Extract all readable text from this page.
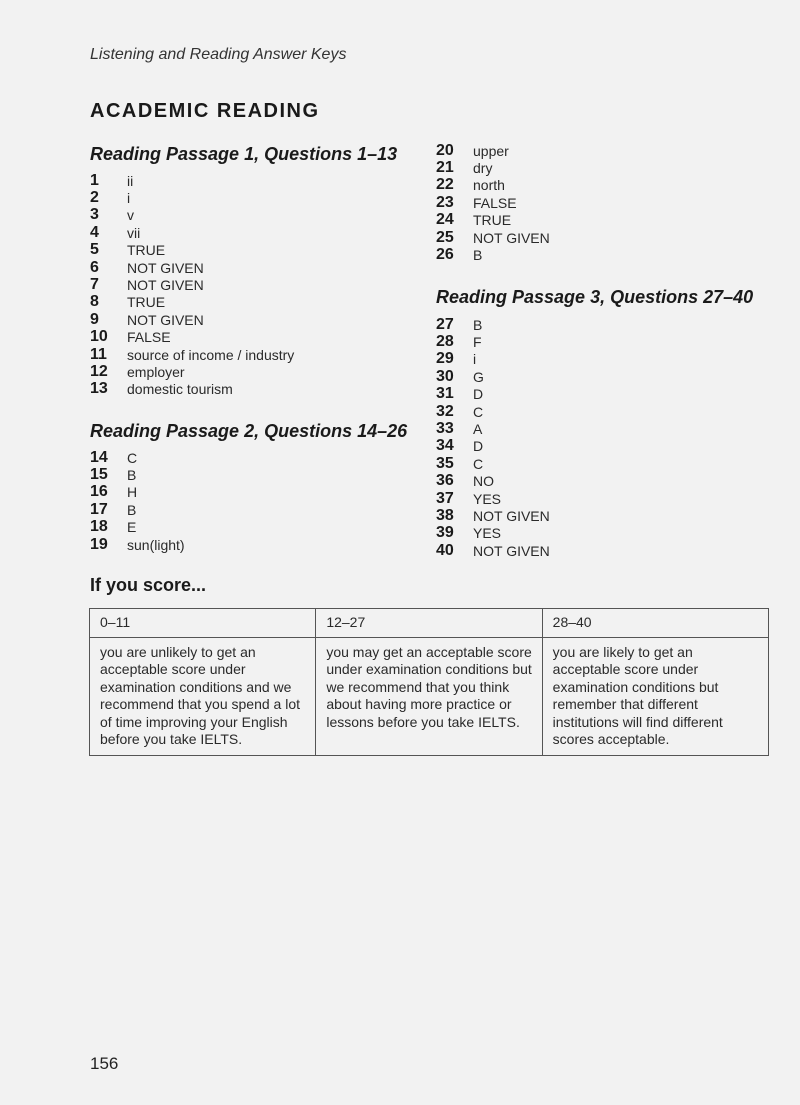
Listening and Reading Answer Keys
ACADEMIC READING
Reading Passage 1, Questions 1–13
1	ii
2	i
3	v
4	vii
5	TRUE
6	NOT GIVEN
7	NOT GIVEN
8	TRUE
9	NOT GIVEN
10	FALSE
11	source of income / industry
12	employer
13	domestic tourism
Reading Passage 2, Questions 14–26
14	C
15	B
16	H
17	B
18	E
19	sun(light)
20	upper
21	dry
22	north
23	FALSE
24	TRUE
25	NOT GIVEN
26	B
Reading Passage 3, Questions 27–40
27	B
28	F
29	i
30	G
31	D
32	C
33	A
34	D
35	C
36	NO
37	YES
38	NOT GIVEN
39	YES
40	NOT GIVEN
If you score...
0–11	12–27	28–40
you are unlikely to get an acceptable score under examination conditions and we recommend that you spend a lot of time improving your English before you take IELTS.	you may get an acceptable score under examination conditions but we recommend that you think about having more practice or lessons before you take IELTS.	you are likely to get an acceptable score under examination conditions but remember that different institutions will find different scores acceptable.
156
